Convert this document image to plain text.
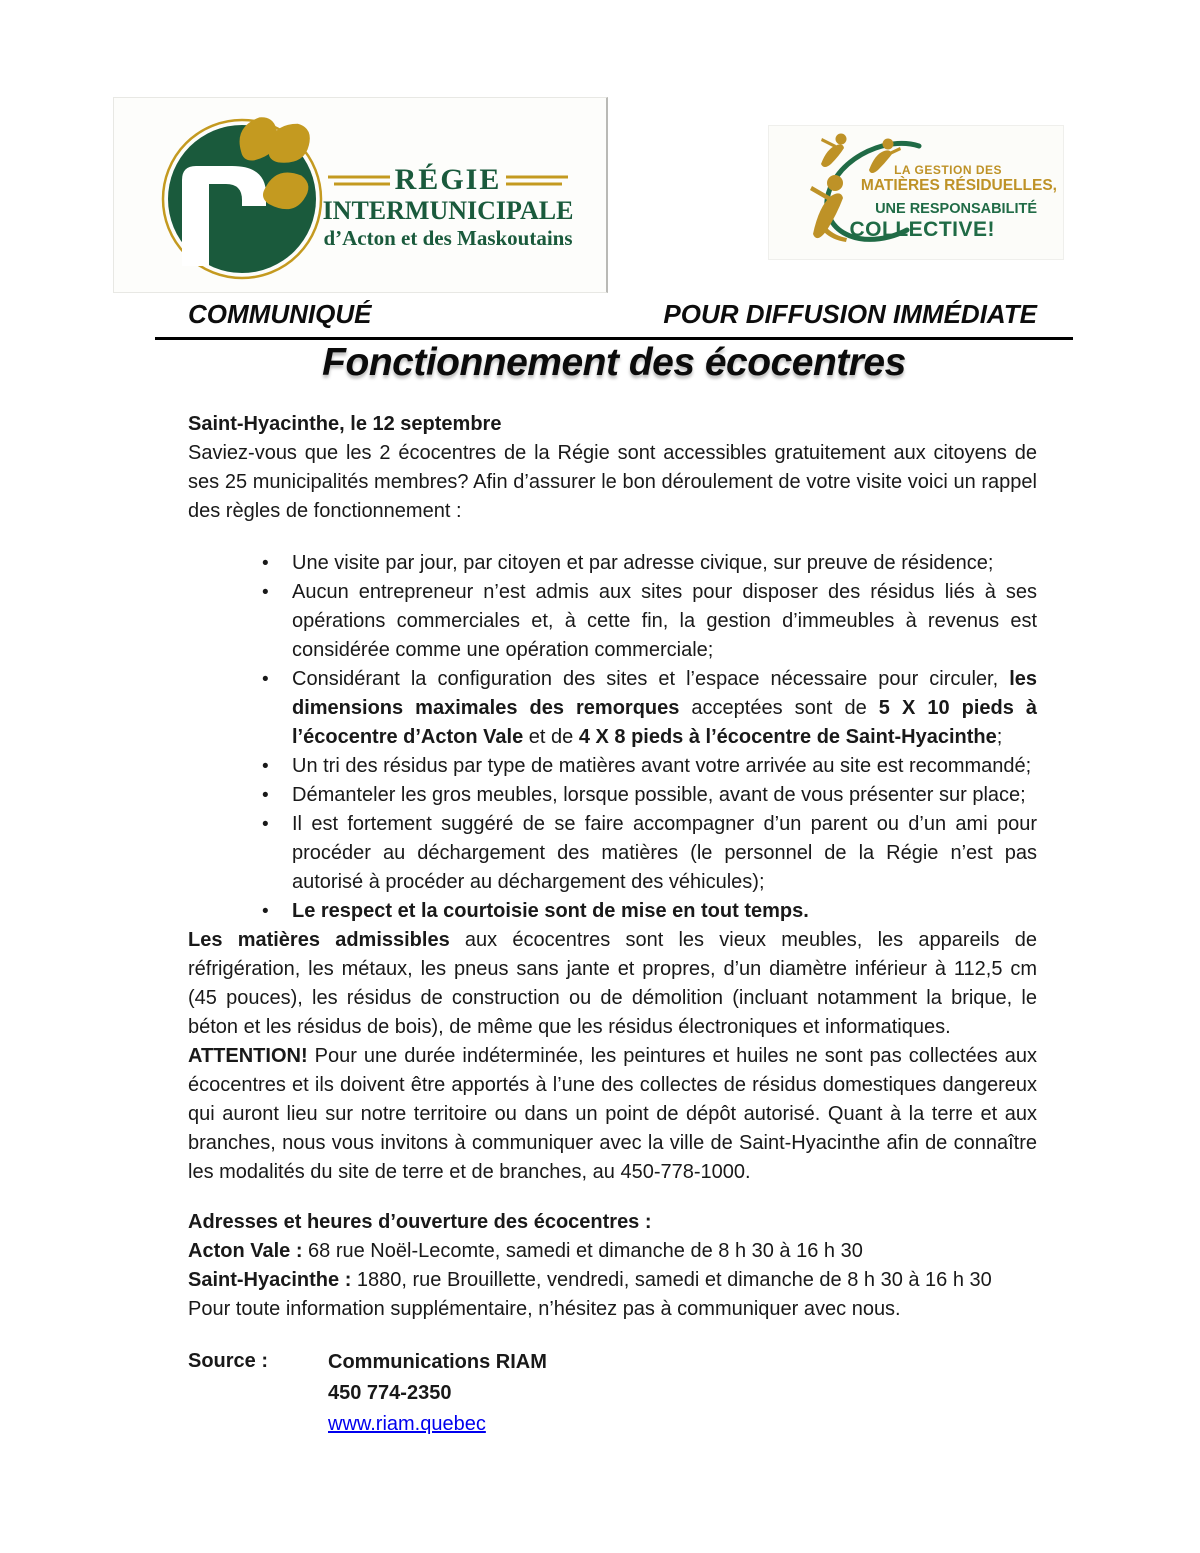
RÉGIE
INTERMUNICIPALE
d’Acton et des Maskoutains
LA GESTION DES
MATIÈRES RÉSIDUELLES,
UNE RESPONSABILITÉ
COLLECTIVE!
COMMUNIQUÉ	POUR DIFFUSION IMMÉDIATE
Fonctionnement des écocentres

Saint-Hyacinthe, le 12 septembre

Saviez-vous que les 2 écocentres de la Régie sont accessibles gratuitement aux citoyens de ses 25 municipalités membres? Afin d’assurer le bon déroulement de votre visite voici un rappel des règles de fonctionnement :

• Une visite par jour, par citoyen et par adresse civique, sur preuve de résidence;
• Aucun entrepreneur n’est admis aux sites pour disposer des résidus liés à ses opérations commerciales et, à cette fin, la gestion d’immeubles à revenus est considérée comme une opération commerciale;
• Considérant la configuration des sites et l’espace nécessaire pour circuler, les dimensions maximales des remorques acceptées sont de 5 X 10 pieds à l’écocentre d’Acton Vale et de 4 X 8 pieds à l’écocentre de Saint-Hyacinthe;
• Un tri des résidus par type de matières avant votre arrivée au site est recommandé;
• Démanteler les gros meubles, lorsque possible, avant de vous présenter sur place;
• Il est fortement suggéré de se faire accompagner d’un parent ou d’un ami pour procéder au déchargement des matières (le personnel de la Régie n’est pas autorisé à procéder au déchargement des véhicules);
• Le respect et la courtoisie sont de mise en tout temps.

Les matières admissibles aux écocentres sont les vieux meubles, les appareils de réfrigération, les métaux, les pneus sans jante et propres, d’un diamètre inférieur à 112,5 cm (45 pouces), les résidus de construction ou de démolition (incluant notamment la brique, le béton et les résidus de bois), de même que les résidus électroniques et informatiques.

ATTENTION! Pour une durée indéterminée, les peintures et huiles ne sont pas collectées aux écocentres et ils doivent être apportés à l’une des collectes de résidus domestiques dangereux qui auront lieu sur notre territoire ou dans un point de dépôt autorisé. Quant à la terre et aux branches, nous vous invitons à communiquer avec la ville de Saint-Hyacinthe afin de connaître les modalités du site de terre et de branches, au 450-778-1000.

Adresses et heures d’ouverture des écocentres :

Acton Vale : 68 rue Noël-Lecomte, samedi et dimanche de 8 h 30 à 16 h 30

Saint-Hyacinthe : 1880, rue Brouillette, vendredi, samedi et dimanche de 8 h 30 à 16 h 30

Pour toute information supplémentaire, n’hésitez pas à communiquer avec nous.

Source :	Communications RIAM
450 774-2350
www.riam.quebec
